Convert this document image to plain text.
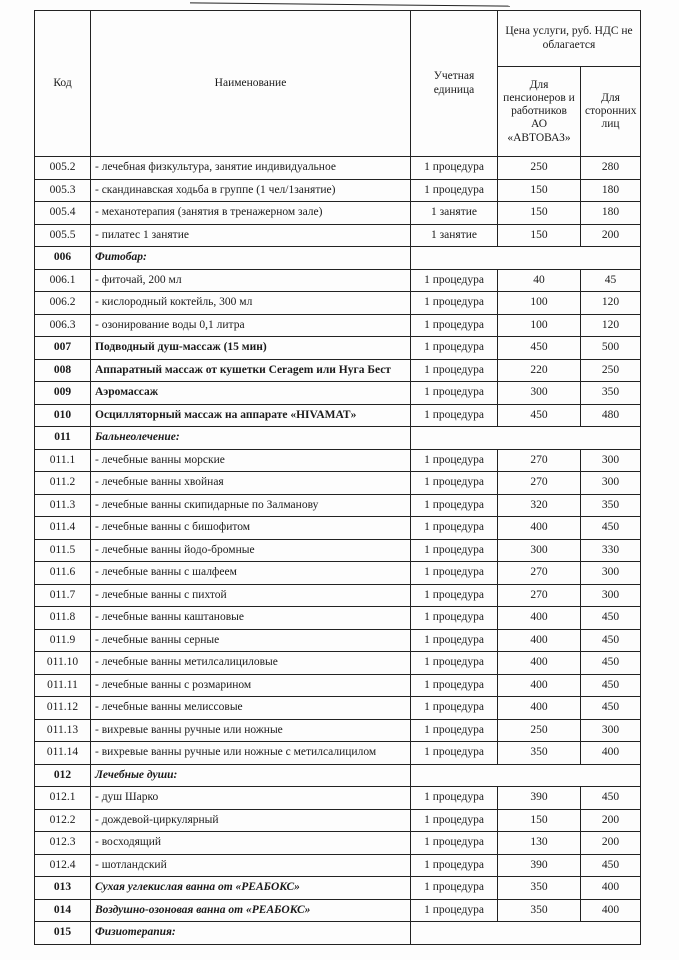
Код	Наименование	Учетная единица	Цена услуги, руб. НДС не облагается	
			Для пенсионеров и работников АО «АВТОВАЗ»	Для сторонних лиц
005.2	- лечебная физкультура, занятие индивидуальное	1 процедура	250	280
005.3	- скандинавская ходьба в группе (1 чел/1занятие)	1 процедура	150	180
005.4	- механотерапия (занятия в тренажерном зале)	1 занятие	150	180
005.5	- пилатес 1 занятие	1 занятие	150	200
006	Фитобар:			
006.1	- фиточай, 200 мл	1 процедура	40	45
006.2	- кислородный коктейль, 300 мл	1 процедура	100	120
006.3	- озонирование воды 0,1 литра	1 процедура	100	120
007	Подводный душ-массаж (15 мин)	1 процедура	450	500
008	Аппаратный массаж от кушетки Ceragem или Нуга Бест	1 процедура	220	250
009	Аэромассаж	1 процедура	300	350
010	Осцилляторный массаж на аппарате «HIVAMAT»	1 процедура	450	480
011	Бальнеолечение:			
011.1	- лечебные ванны морские	1 процедура	270	300
011.2	- лечебные ванны хвойная	1 процедура	270	300
011.3	- лечебные ванны скипидарные по Залманову	1 процедура	320	350
011.4	- лечебные ванны с бишофитом	1 процедура	400	450
011.5	- лечебные ванны йодо-бромные	1 процедура	300	330
011.6	- лечебные ванны с шалфеем	1 процедура	270	300
011.7	- лечебные ванны с пихтой	1 процедура	270	300
011.8	- лечебные ванны каштановые	1 процедура	400	450
011.9	- лечебные ванны серные	1 процедура	400	450
011.10	- лечебные ванны метилсалициловые	1 процедура	400	450
011.11	- лечебные ванны с розмарином	1 процедура	400	450
011.12	- лечебные ванны мелиссовые	1 процедура	400	450
011.13	- вихревые ванны ручные или ножные	1 процедура	250	300
011.14	- вихревые ванны ручные или ножные с метилсалицилом	1 процедура	350	400
012	Лечебные души:			
012.1	- душ Шарко	1 процедура	390	450
012.2	- дождевой-циркулярный	1 процедура	150	200
012.3	- восходящий	1 процедура	130	200
012.4	- шотландский	1 процедура	390	450
013	Сухая углекислая ванна от «РЕАБОКС»	1 процедура	350	400
014	Воздушно-озоновая ванна от «РЕАБОКС»	1 процедура	350	400
015	Физиотерапия:			
